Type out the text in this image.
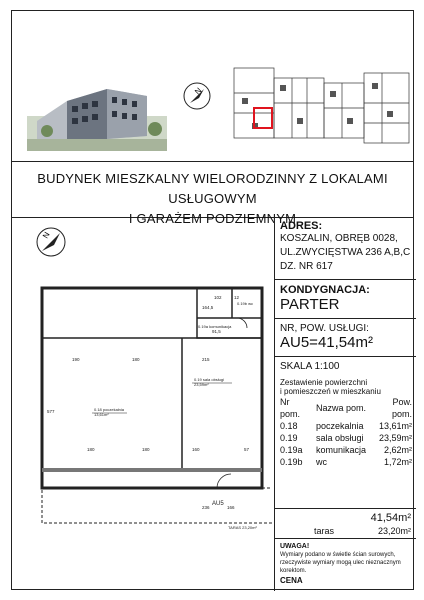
N
BUDYNEK MIESZKALNY WIELORODZINNY Z LOKALAMI USŁUGOWYM
I GARAŻEM PODZIEMNYM
N
190	180	215
577
180	180	160	57
102	12
91,5
164,5
236	166
0.18 poczekalnia
13,61m²
0.19 sala obsługi
23,59m²
0.19a komunikacja
0.19b wc
AU5
TARAS 23,20m²
ADRES:
KOSZALIN, OBRĘB 0028,
UL.ZWYCIĘSTWA 236 A,B,C
DZ. NR 617
KONDYGNACJA:
PARTER
NR, POW. USŁUGI:
AU5=41,54m²
SKALA 1:100
Zestawienie powierzchni
i pomieszczeń w mieszkaniu
Nr pom.	Nazwa pom.	Pow. pom.
0.18	poczekalnia	13,61m²
0.19	sala obsługi	23,59m²
0.19a	komunikacja	2,62m²
0.19b	wc	1,72m²
41,54m²
taras	23,20m²
UWAGA!
Wymiary podano w świetle ścian surowych,
rzeczywiste wymiary mogą ulec nieznacznym
korektom.
CENA
